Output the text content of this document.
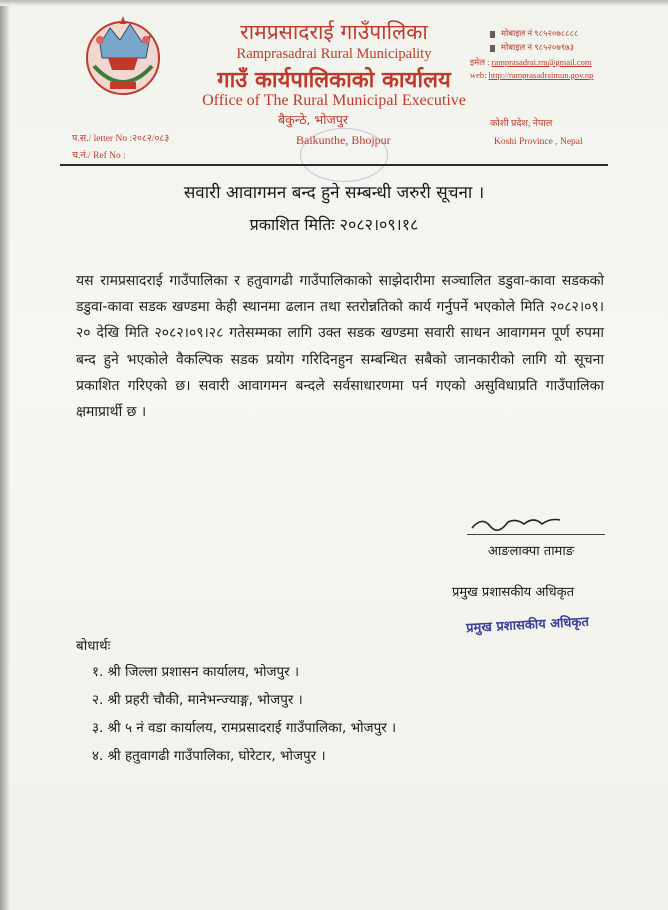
रामप्रसादराई गाउँपालिका
Ramprasadrai Rural Municipality
गाउँ कार्यपालिकाको कार्यालय
Office of The Rural Municipal Executive
बैकुन्ठे, भोजपुर
Baikunthe, Bhojpur
मोबाइल नं ९८५२०७८८८८
मोबाइल नं ९८५२०७९७३
इमेल : ramprasadrai.rm@gmail.com
web: http://ramprasadraimun.gov.np
कोशी प्रदेश, नेपाल
Koshi Province , Nepal
प.स./ letter No :२०८२/०८३
च.नं./ Ref No :
सवारी आवागमन बन्द हुने सम्बन्धी जरुरी सूचना ।
प्रकाशित मितिः २०८२।०९।१८
यस रामप्रसादराई गाउँपालिका र हतुवागढी गाउँपालिकाको साझेदारीमा सञ्चालित डडुवा-कावा सडकको डडुवा-कावा सडक खण्डमा केही स्थानमा ढलान तथा स्तरोन्नतिको कार्य गर्नुपर्ने भएकोले मिति २०८२।०९।२० देखि मिति २०८२।०९।२८ गतेसम्मका लागि उक्त सडक खण्डमा सवारी साधन आवागमन पूर्ण रुपमा बन्द हुने भएकोले वैकल्पिक सडक प्रयोग गरिदिनहुन सम्बन्धित सबैको जानकारीको लागि यो सूचना प्रकाशित गरिएको छ। सवारी आवागमन बन्दले सर्वसाधारणमा पर्न गएको असुविधाप्रति गाउँपालिका क्षमाप्रार्थी छ ।
आङलाक्पा तामाङ
प्रमुख प्रशासकीय अधिकृत
प्रमुख प्रशासकीय अधिकृत
बोधार्थः
१. श्री जिल्ला प्रशासन कार्यालय, भोजपुर ।
२. श्री प्रहरी चौकी, मानेभन्ज्याङ्ग, भोजपुर ।
३. श्री ५ नं वडा कार्यालय, रामप्रसादराई गाउँपालिका, भोजपुर ।
४. श्री हतुवागढी गाउँपालिका, घोरेटार, भोजपुर ।
